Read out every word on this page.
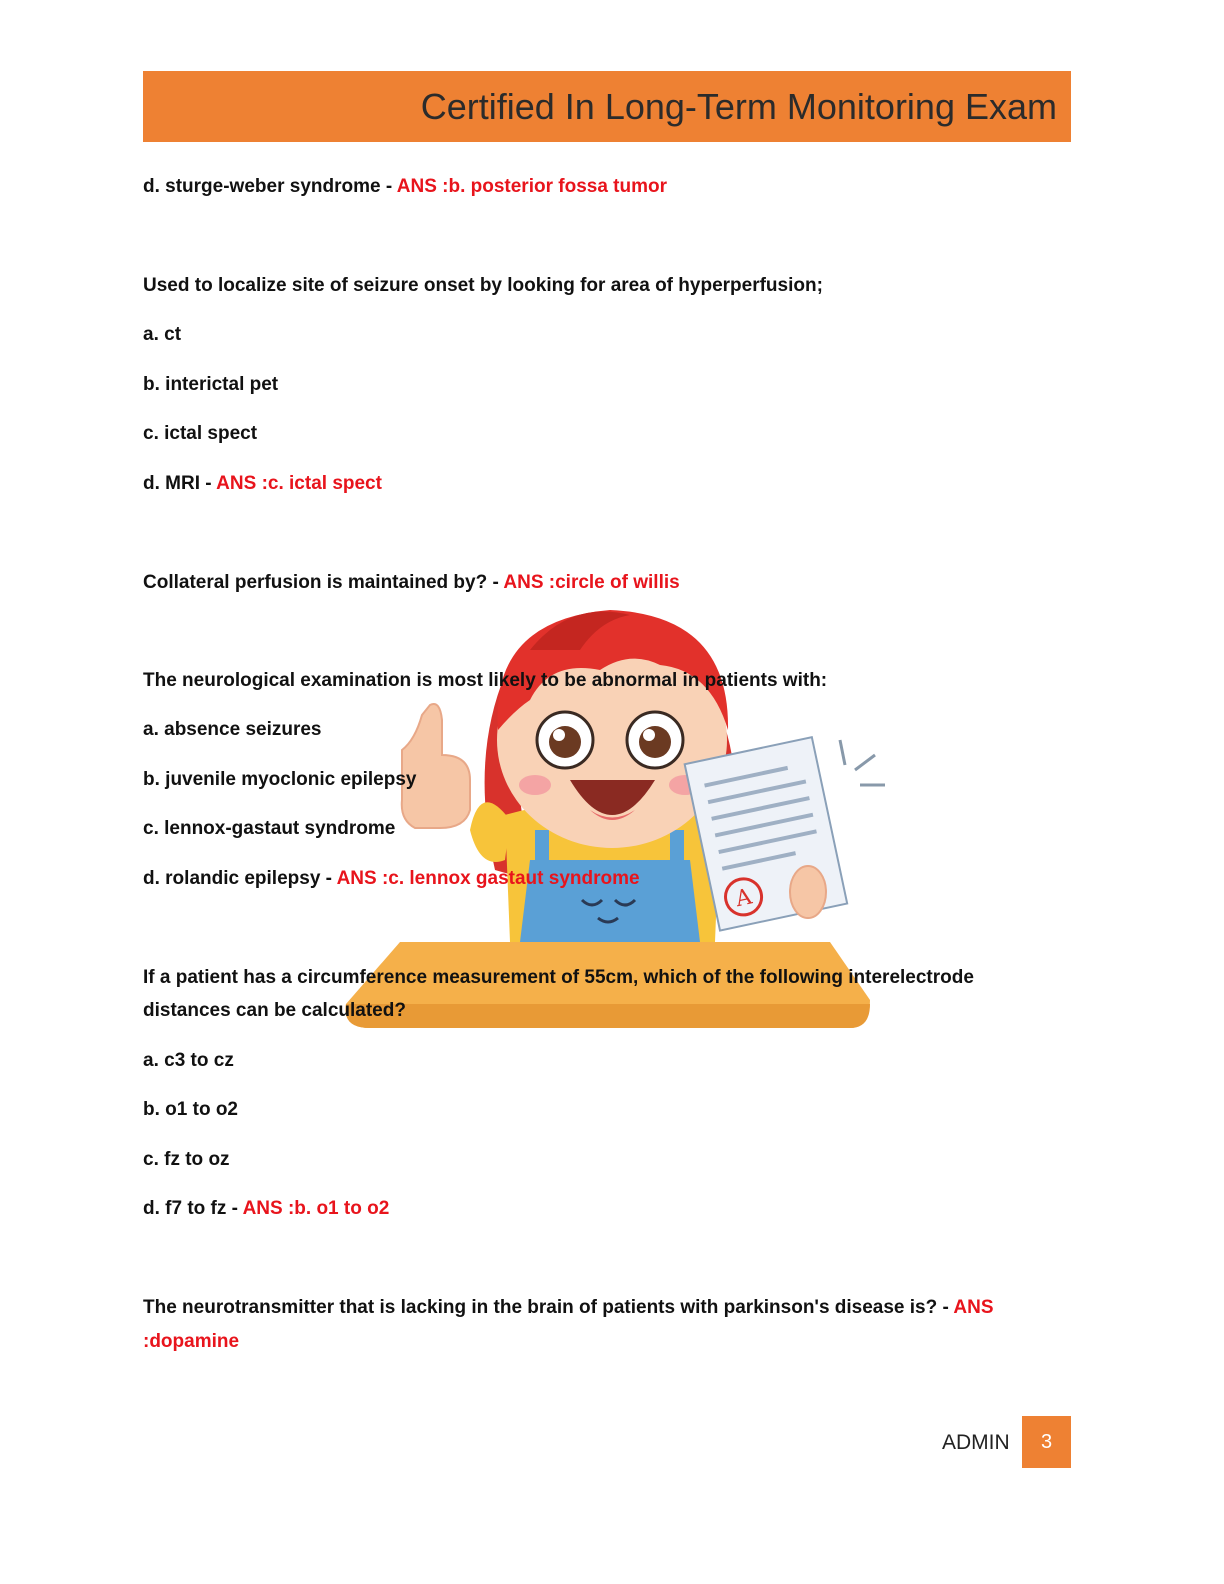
Certified In Long-Term Monitoring Exam
A
d. sturge-weber syndrome - ANS :b. posterior fossa tumor
Used to localize site of seizure onset by looking for area of hyperperfusion;
a. ct
b. interictal pet
c. ictal spect
d. MRI - ANS :c. ictal spect
Collateral perfusion is maintained by? - ANS :circle of willis
The neurological examination is most likely to be abnormal in patients with:
a. absence seizures
b. juvenile myoclonic epilepsy
c. lennox-gastaut syndrome
d. rolandic epilepsy - ANS :c. lennox gastaut syndrome
If a patient has a circumference measurement of 55cm, which of the following interelectrode
distances can be calculated?
a. c3 to cz
b. o1 to o2
c. fz to oz
d. f7 to fz - ANS :b. o1 to o2
The neurotransmitter that is lacking in the brain of patients with parkinson's disease is? - ANS
:dopamine
ADMIN	3
